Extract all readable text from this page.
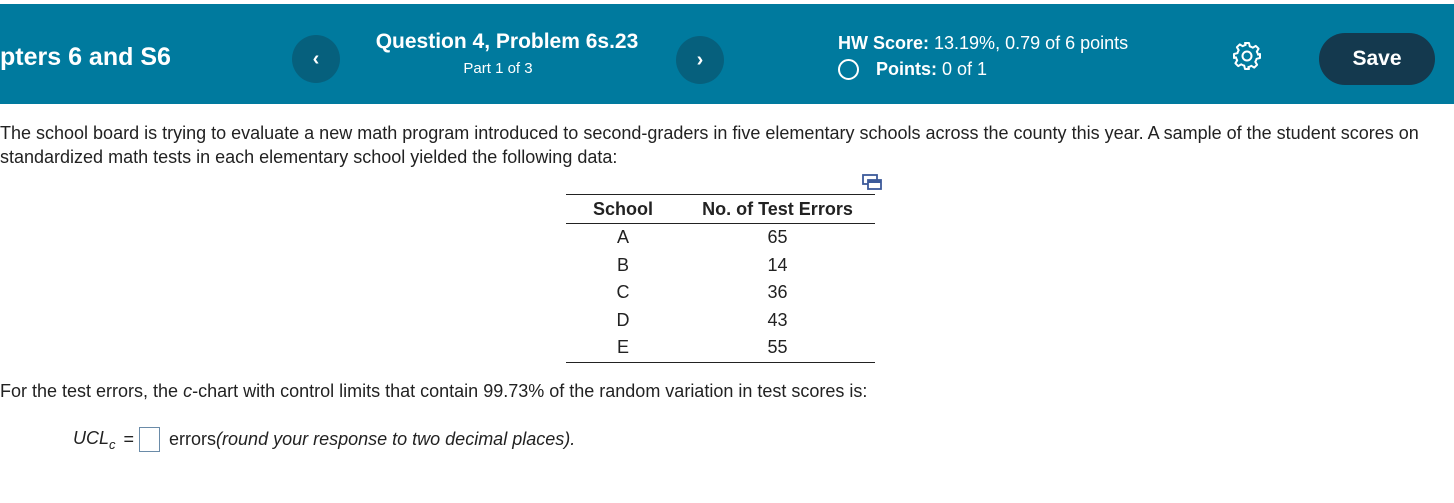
pters 6 and S6	‹
Question 4, Problem 6s.23
Part 1 of 3	›
HW Score: 13.19%, 0.79 of 6 points
Points: 0 of 1	Save
The school board is trying to evaluate a new math program introduced to second-graders in five elementary schools across the county this year. A sample of the student scores on standardized math tests in each elementary school yielded the following data:
School	No. of Test Errors
A	65
B	14
C	36
D	43
E	55
For the test errors, the c-chart with control limits that contain 99.73% of the random variation in test scores is:
$UCL_c$ = errors (round your response to two decimal places).
